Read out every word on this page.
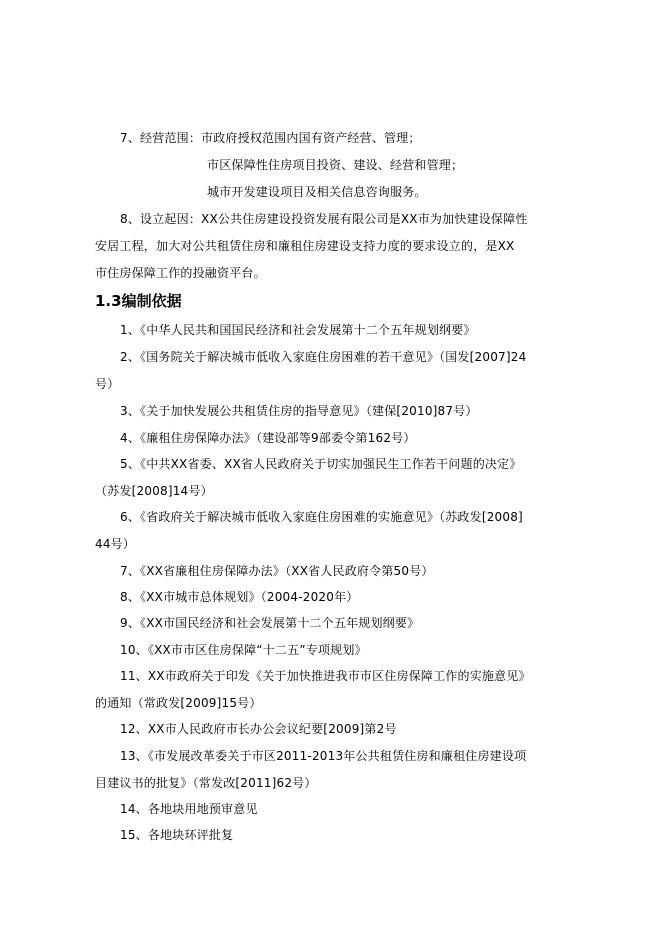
7、经营范围：市政府授权范围内国有资产经营、管理；
市区保障性住房项目投资、建设、经营和管理；
城市开发建设项目及相关信息咨询服务。
8、设立起因：XX公共住房建设投资发展有限公司是XX市为加快建设保障性
安居工程，加大对公共租赁住房和廉租住房建设支持力度的要求设立的，是XX
市住房保障工作的投融资平台。
1.3编制依据
1、《中华人民共和国国民经济和社会发展第十二个五年规划纲要》
2、《国务院关于解决城市低收入家庭住房困难的若干意见》（国发[2007]24
号）
3、《关于加快发展公共租赁住房的指导意见》（建保[2010]87号）
4、《廉租住房保障办法》（建设部等9部委令第162号）
5、《中共XX省委、XX省人民政府关于切实加强民生工作若干问题的决定》
（苏发[2008]14号）
6、《省政府关于解决城市低收入家庭住房困难的实施意见》（苏政发[2008]
44号）
7、《XX省廉租住房保障办法》（XX省人民政府令第50号）
8、《XX市城市总体规划》（2004-2020年）
9、《XX市国民经济和社会发展第十二个五年规划纲要》
10、《XX市市区住房保障“十二五”专项规划》
11、XX市政府关于印发《关于加快推进我市市区住房保障工作的实施意见》
的通知（常政发[2009]15号）
12、XX市人民政府市长办公会议纪要[2009]第2号
13、《市发展改革委关于市区2011-2013年公共租赁住房和廉租住房建设项
目建议书的批复》（常发改[2011]62号）
14、各地块用地预审意见
15、各地块环评批复
